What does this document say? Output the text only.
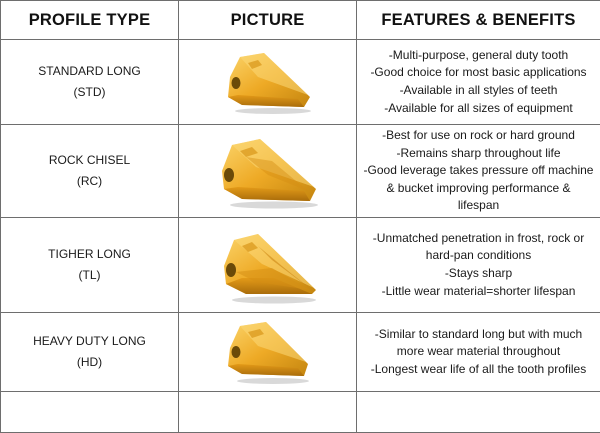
PROFILE TYPE	PICTURE	FEATURES & BENEFITS

STANDARD LONG
(STD)		-Multi-purpose, general duty tooth
-Good choice for most basic applications
-Available in all styles of teeth
-Available for all sizes of equipment

ROCK CHISEL
(RC)		-Best for use on rock or hard ground
-Remains sharp throughout life
-Good leverage takes pressure off machine
& bucket improving performance &
lifespan

TIGHER LONG
(TL)		-Unmatched penetration in frost, rock or
hard-pan conditions
-Stays sharp
-Little wear material=shorter lifespan

HEAVY DUTY LONG
(HD)		-Similar to standard long but with much
more wear material throughout
-Longest wear life of all the tooth profiles
